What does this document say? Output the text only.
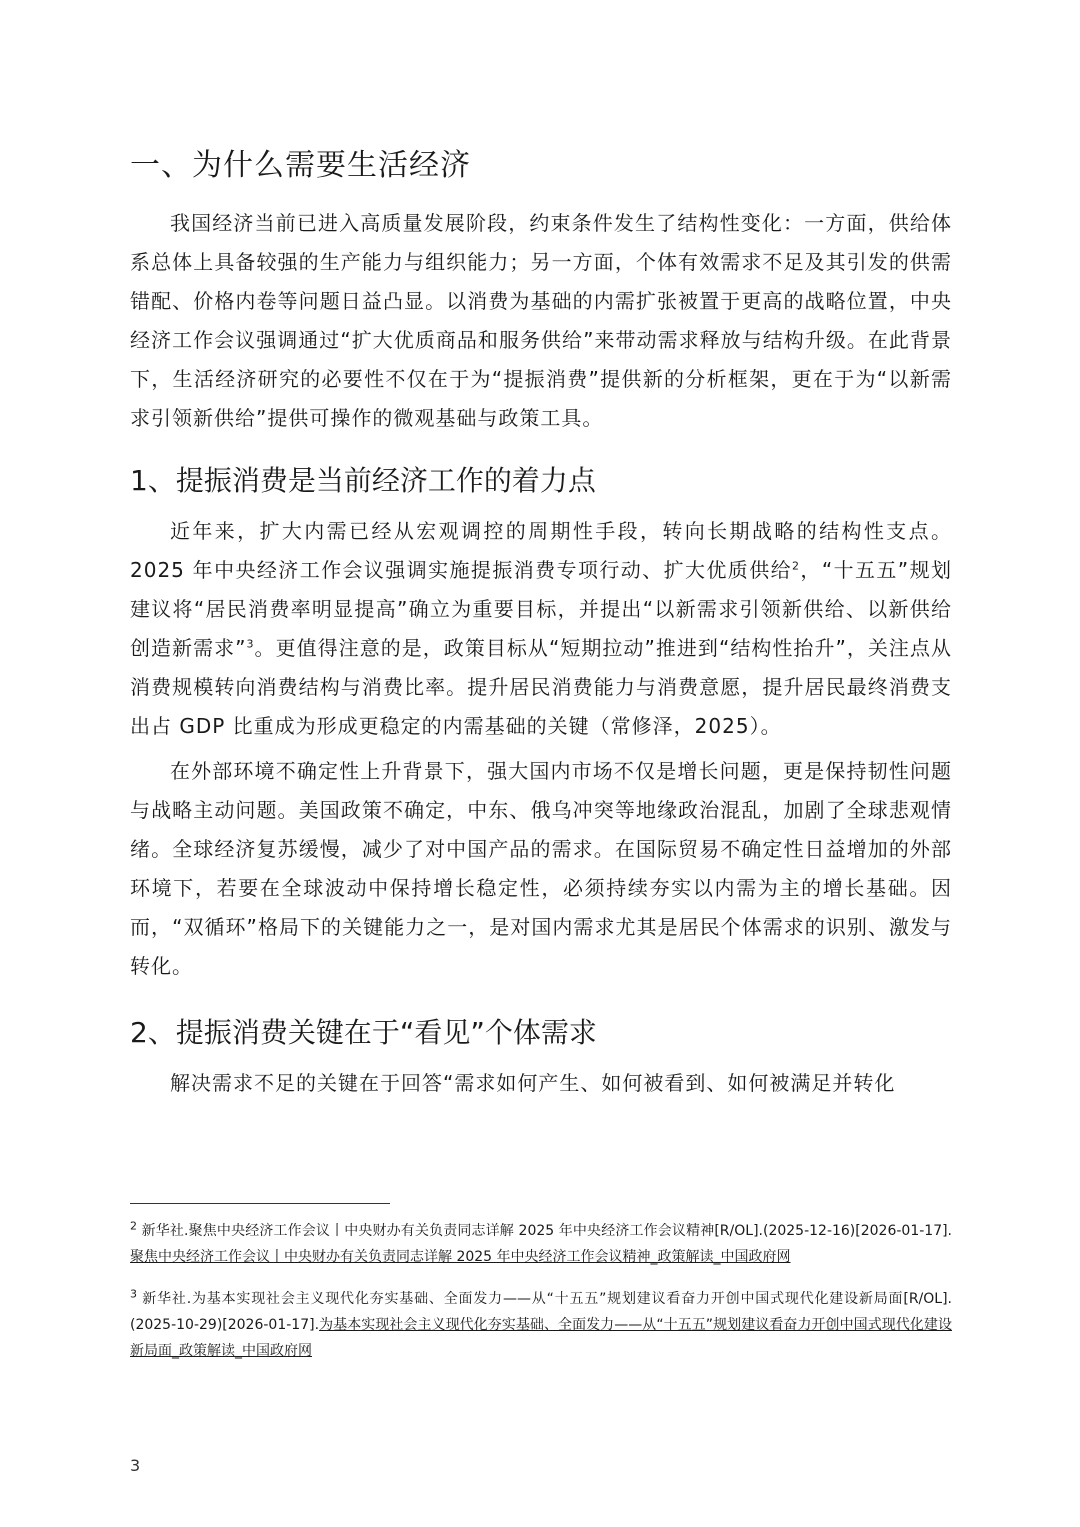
一、为什么需要生活经济

我国经济当前已进入高质量发展阶段，约束条件发生了结构性变化：一方面，供给体系总体上具备较强的生产能力与组织能力；另一方面，个体有效需求不足及其引发的供需错配、价格内卷等问题日益凸显。以消费为基础的内需扩张被置于更高的战略位置，中央经济工作会议强调通过“扩大优质商品和服务供给”来带动需求释放与结构升级。在此背景下，生活经济研究的必要性不仅在于为“提振消费”提供新的分析框架，更在于为“以新需求引领新供给”提供可操作的微观基础与政策工具。

1、提振消费是当前经济工作的着力点

近年来，扩大内需已经从宏观调控的周期性手段，转向长期战略的结构性支点。2025 年中央经济工作会议强调实施提振消费专项行动、扩大优质供给$^2$，“十五五”规划建议将“居民消费率明显提高”确立为重要目标，并提出“以新需求引领新供给、以新供给创造新需求”$^3$。更值得注意的是，政策目标从“短期拉动”推进到“结构性抬升”，关注点从消费规模转向消费结构与消费比率。提升居民消费能力与消费意愿，提升居民最终消费支出占 GDP 比重成为形成更稳定的内需基础的关键（常修泽，2025）。

在外部环境不确定性上升背景下，强大国内市场不仅是增长问题，更是保持韧性问题与战略主动问题。美国政策不确定，中东、俄乌冲突等地缘政治混乱，加剧了全球悲观情绪。全球经济复苏缓慢，减少了对中国产品的需求。在国际贸易不确定性日益增加的外部环境下，若要在全球波动中保持增长稳定性，必须持续夯实以内需为主的增长基础。因而，“双循环”格局下的关键能力之一，是对国内需求尤其是居民个体需求的识别、激发与转化。

2、提振消费关键在于“看见”个体需求

解决需求不足的关键在于回答“需求如何产生、如何被看到、如何被满足并转化

$^2$ 新华社.聚焦中央经济工作会议丨中央财办有关负责同志详解 2025 年中央经济工作会议精神[R/OL].(2025-12-16)[2026-01-17].聚焦中央经济工作会议丨中央财办有关负责同志详解 2025 年中央经济工作会议精神_政策解读_中国政府网

$^3$ 新华社.为基本实现社会主义现代化夯实基础、全面发力——从“十五五”规划建议看奋力开创中国式现代化建设新局面[R/OL].(2025-10-29)[2026-01-17].为基本实现社会主义现代化夯实基础、全面发力——从“十五五”规划建议看奋力开创中国式现代化建设新局面_政策解读_中国政府网

3
